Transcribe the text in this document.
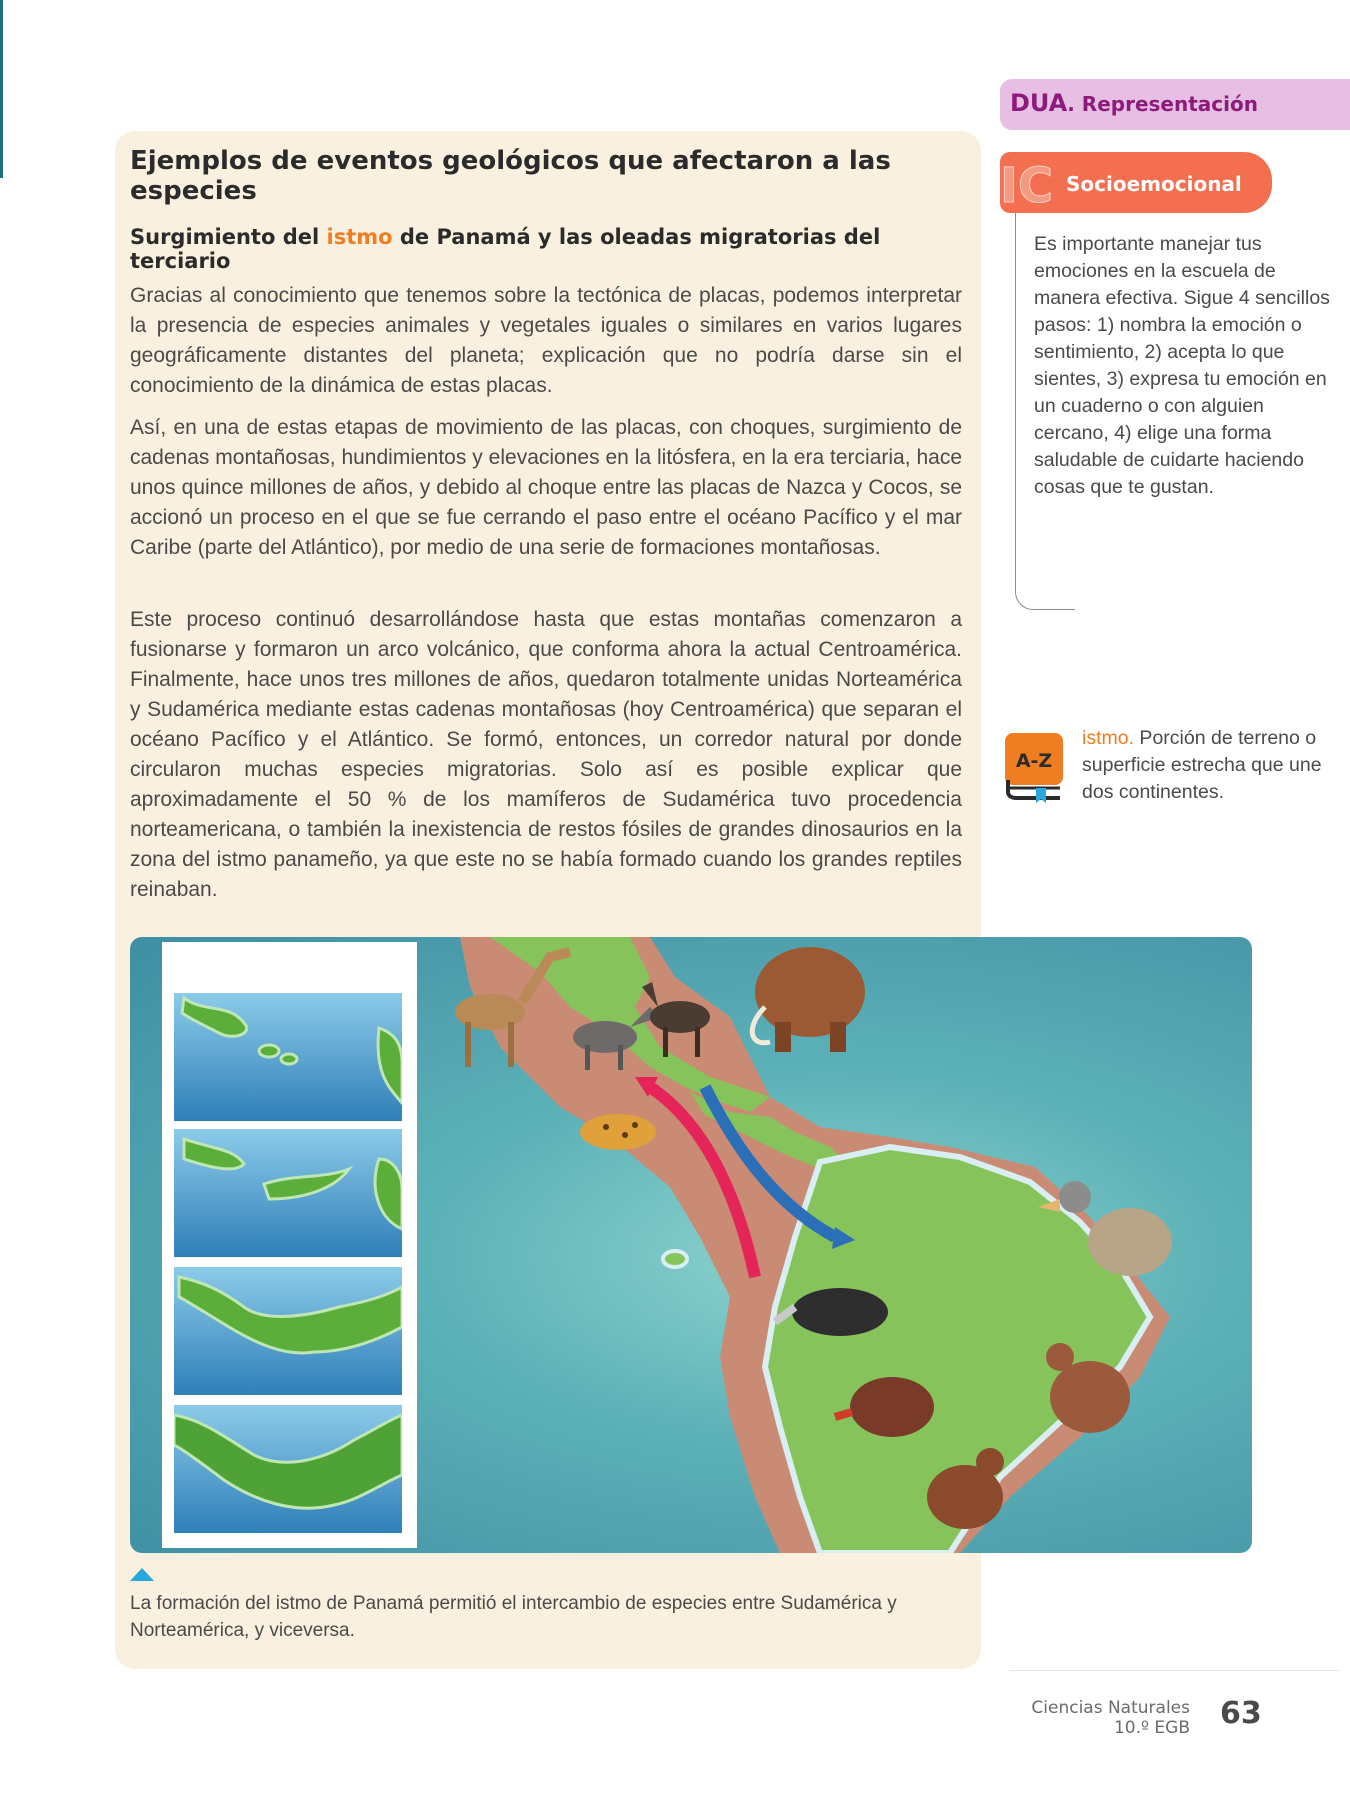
Ejemplos de eventos geológicos que afectaron a las especies
Surgimiento del istmo de Panamá y las oleadas migratorias del terciario

Gracias al conocimiento que tenemos sobre la tectónica de placas, podemos interpretar la presencia de especies animales y vegetales iguales o similares en varios lugares geográficamente distantes del planeta; explicación que no podría darse sin el conocimiento de la dinámica de estas placas.

Así, en una de estas etapas de movimiento de las placas, con choques, surgimiento de cadenas montañosas, hundimientos y elevaciones en la litósfera, en la era terciaria, hace unos quince millones de años, y debido al choque entre las placas de Nazca y Cocos, se accionó un proceso en el que se fue cerrando el paso entre el océano Pacífico y el mar Caribe (parte del Atlántico), por medio de una serie de formaciones montañosas.

Este proceso continuó desarrollándose hasta que estas montañas comenzaron a fusionarse y formaron un arco volcánico, que conforma ahora la actual Centroamérica. Finalmente, hace unos tres millones de años, quedaron totalmente unidas Norteamérica y Sudamérica mediante estas cadenas montañosas (hoy Centroamérica) que separan el océano Pacífico y el Atlántico. Se formó, entonces, un corredor natural por donde circularon muchas especies migratorias. Solo así es posible explicar que aproximadamente el 50 % de los mamíferos de Sudamérica tuvo procedencia norteamericana, o también la inexistencia de restos fósiles de grandes dinosaurios en la zona del istmo panameño, ya que este no se había formado cuando los grandes reptiles reinaban.

La formación del istmo de Panamá permitió el intercambio de especies entre Sudamérica y Norteamérica, y viceversa.

DUA. Representación
IC Socioemocional

Es importante manejar tus emociones en la escuela de manera efectiva. Sigue 4 sencillos pasos: 1) nombra la emoción o sentimiento, 2) acepta lo que sientes, 3) expresa tu emoción en un cuaderno o con alguien cercano, 4) elige una forma saludable de cuidarte haciendo cosas que te gustan.

A-Z

istmo. Porción de terreno o superficie estrecha que une dos continentes.

Ciencias Naturales
10.º EGB 63
